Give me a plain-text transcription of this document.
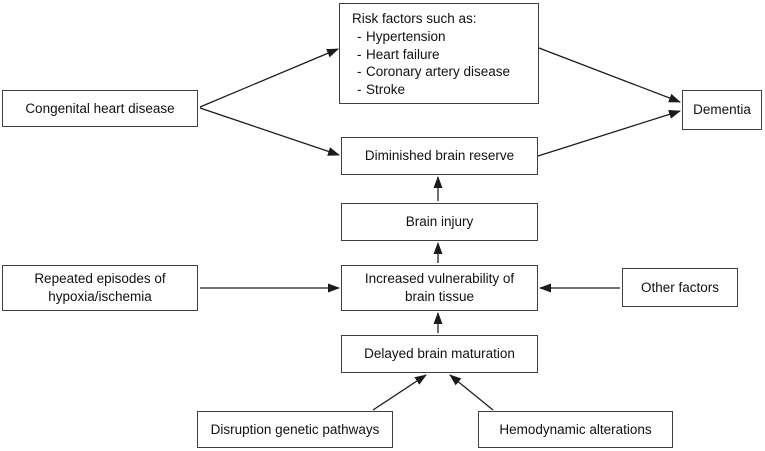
Congenital heart disease
Risk factors such as:
- Hypertension
- Heart failure
- Coronary artery disease
- Stroke
Dementia
Diminished brain reserve
Brain injury
Repeated episodes of hypoxia/ischemia
Increased vulnerability of brain tissue
Other factors
Delayed brain maturation
Disruption genetic pathways	Hemodynamic alterations
